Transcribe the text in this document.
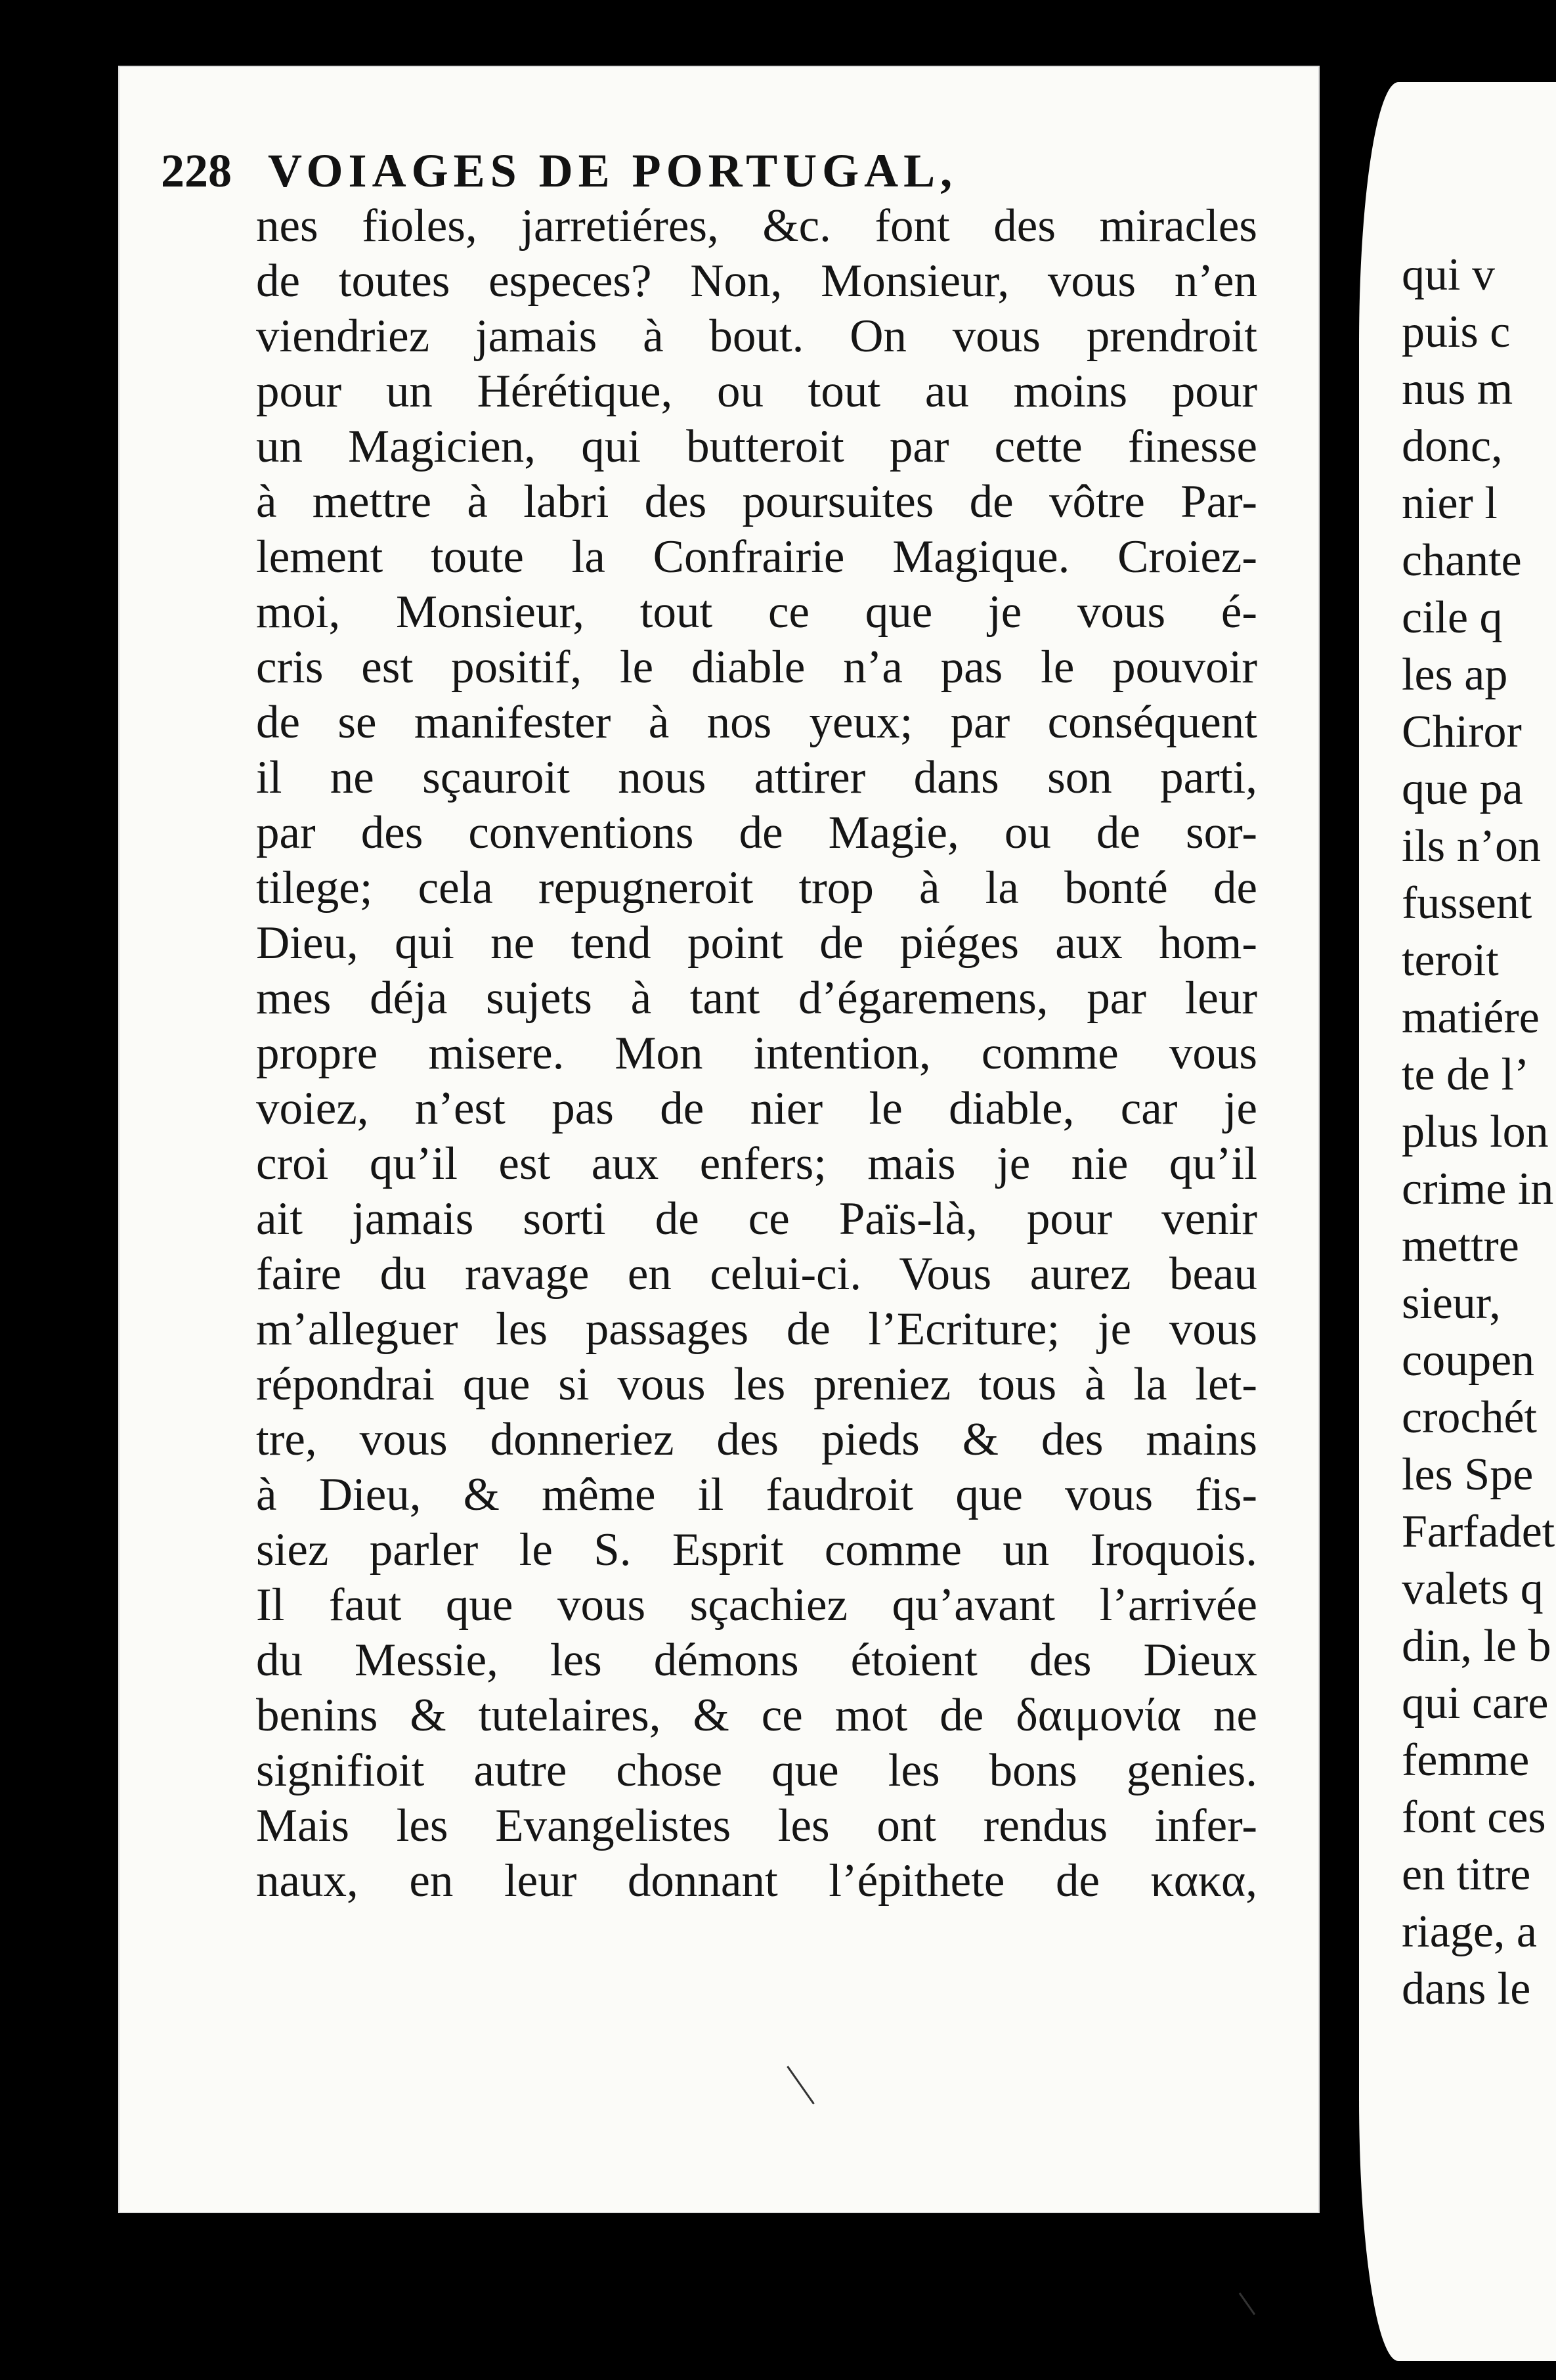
228 VOIAGES DE PORTUGAL,
nes fioles, jarretiéres, &c. font des miracles
de toutes especes? Non, Monsieur, vous n’en
viendriez jamais à bout. On vous prendroit
pour un Hérétique, ou tout au moins pour
un Magicien, qui butteroit par cette finesse
à mettre à labri des poursuites de vôtre Par-
lement toute la Confrairie Magique. Croiez-
moi, Monsieur, tout ce que je vous é-
cris est positif, le diable n’a pas le pouvoir
de se manifester à nos yeux; par conséquent
il ne sçauroit nous attirer dans son parti,
par des conventions de Magie, ou de sor-
tilege; cela repugneroit trop à la bonté de
Dieu, qui ne tend point de piéges aux hom-
mes déja sujets à tant d’égaremens, par leur
propre misere. Mon intention, comme vous
voiez, n’est pas de nier le diable, car je
croi qu’il est aux enfers; mais je nie qu’il
ait jamais sorti de ce Païs-là, pour venir
faire du ravage en celui-ci. Vous aurez beau
m’alleguer les passages de l’Ecriture; je vous
répondrai que si vous les preniez tous à la let-
tre, vous donneriez des pieds & des mains
à Dieu, & même il faudroit que vous fis-
siez parler le S. Esprit comme un Iroquois.
Il faut que vous sçachiez qu’avant l’arrivée
du Messie, les démons étoient des Dieux
benins & tutelaires, & ce mot de δαιμονία ne
signifioit autre chose que les bons genies.
Mais les Evangelistes les ont rendus infer-
naux, en leur donnant l’épithete de κακα,
qui v
puis c
nus m
donc,
nier l
chante
cile q
les ap
Chiror
que pa
ils n’on
fussent
teroit
matiére
te de l’
plus lon
crime in
mettre
sieur,
coupen
crochét
les Spe
Farfadet
valets q
din, le b
qui care
femme
font ces
en titre
riage, a
dans le
